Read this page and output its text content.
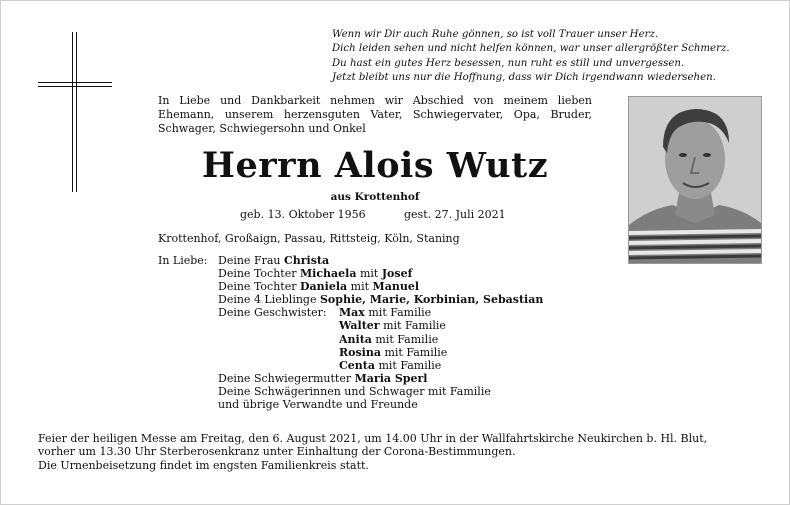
Wenn wir Dir auch Ruhe gönnen, so ist voll Trauer unser Herz.
Dich leiden sehen und nicht helfen können, war unser allergrößter Schmerz.
Du hast ein gutes Herz besessen, nun ruht es still und unvergessen.
Jetzt bleibt uns nur die Hoffnung, dass wir Dich irgendwann wiedersehen.
In Liebe und Dankbarkeit nehmen wir Abschied von meinem lieben
Ehemann, unserem herzensguten Vater, Schwiegervater, Opa, Bruder,
Schwager, Schwiegersohn und Onkel
Herrn Alois Wutz
aus Krottenhof
geb. 13. Oktober 1956	gest. 27. Juli 2021
Krottenhof, Großaign, Passau, Rittsteig, Köln, Staning
In Liebe: Deine Frau Christa
Deine Tochter Michaela mit Josef
Deine Tochter Daniela mit Manuel
Deine 4 Lieblinge Sophie, Marie, Korbinian, Sebastian
Deine Geschwister: Max mit Familie
Walter mit Familie
Anita mit Familie
Rosina mit Familie
Centa mit Familie
Deine Schwiegermutter Maria Sperl
Deine Schwägerinnen und Schwager mit Familie
und übrige Verwandte und Freunde
Feier der heiligen Messe am Freitag, den 6. August 2021, um 14.00 Uhr in der Wallfahrtskirche Neukirchen b. Hl. Blut,
vorher um 13.30 Uhr Sterberosenkranz unter Einhaltung der Corona-Bestimmungen.
Die Urnenbeisetzung findet im engsten Familienkreis statt.
